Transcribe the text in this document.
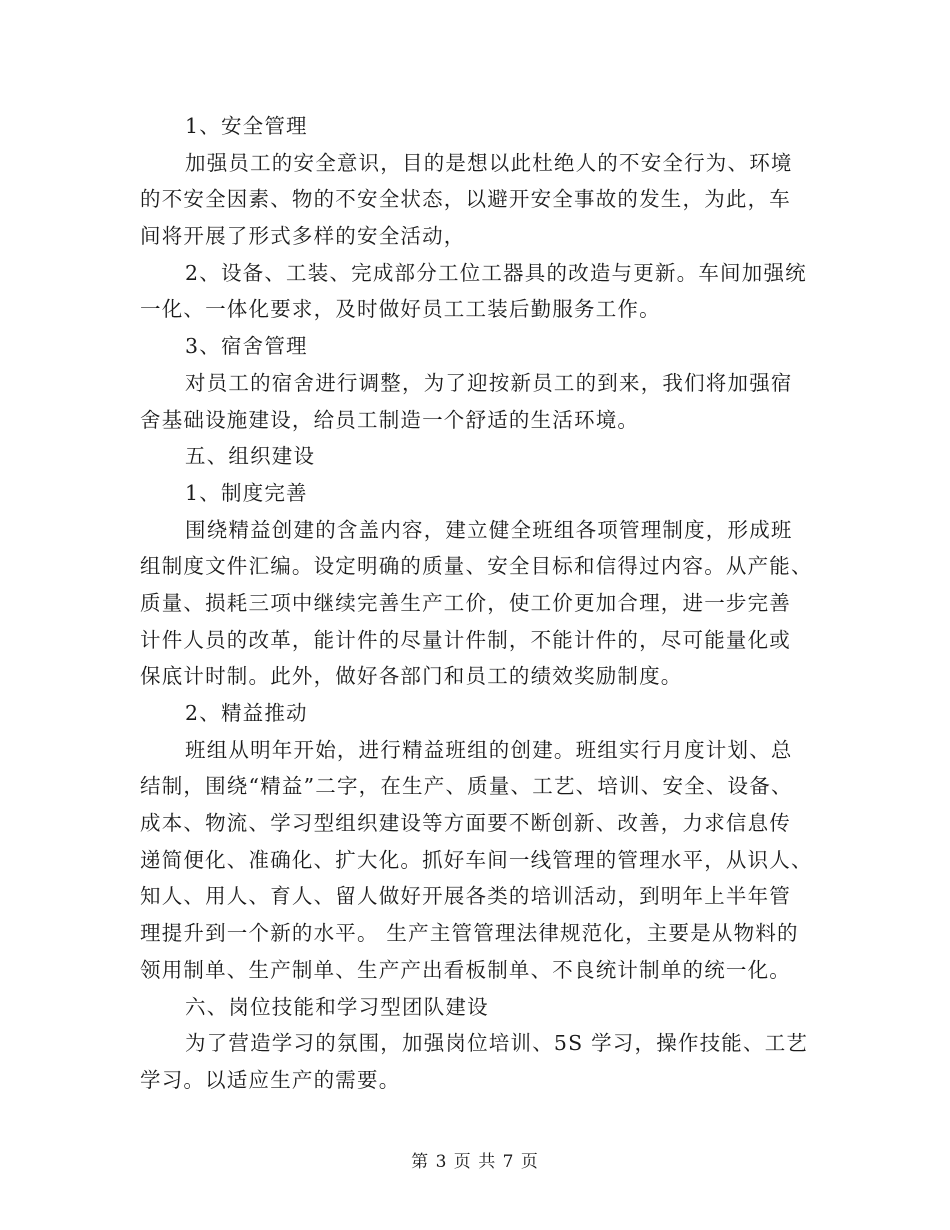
1、安全管理
加强员工的安全意识，目的是想以此杜绝人的不安全行为、环境
的不安全因素、物的不安全状态，以避开安全事故的发生，为此，车
间将开展了形式多样的安全活动，
2、设备、工装、完成部分工位工器具的改造与更新。车间加强统
一化、一体化要求，及时做好员工工装后勤服务工作。
3、宿舍管理
对员工的宿舍进行调整，为了迎按新员工的到来，我们将加强宿
舍基础设施建设，给员工制造一个舒适的生活环境。
五、组织建设
1、制度完善
围绕精益创建的含盖内容，建立健全班组各项管理制度，形成班
组制度文件汇编。设定明确的质量、安全目标和信得过内容。从产能、
质量、损耗三项中继续完善生产工价，使工价更加合理，进一步完善
计件人员的改革，能计件的尽量计件制，不能计件的，尽可能量化或
保底计时制。此外，做好各部门和员工的绩效奖励制度。
2、精益推动
班组从明年开始，进行精益班组的创建。班组实行月度计划、总
结制，围绕“精益”二字，在生产、质量、工艺、培训、安全、设备、
成本、物流、学习型组织建设等方面要不断创新、改善，力求信息传
递简便化、准确化、扩大化。抓好车间一线管理的管理水平，从识人、
知人、用人、育人、留人做好开展各类的培训活动，到明年上半年管
理提升到一个新的水平。 生产主管管理法律规范化，主要是从物料的
领用制单、生产制单、生产产出看板制单、不良统计制单的统一化。
六、岗位技能和学习型团队建设
为了营造学习的氛围，加强岗位培训、5S 学习，操作技能、工艺
学习。以适应生产的需要。
第 3 页 共 7 页
